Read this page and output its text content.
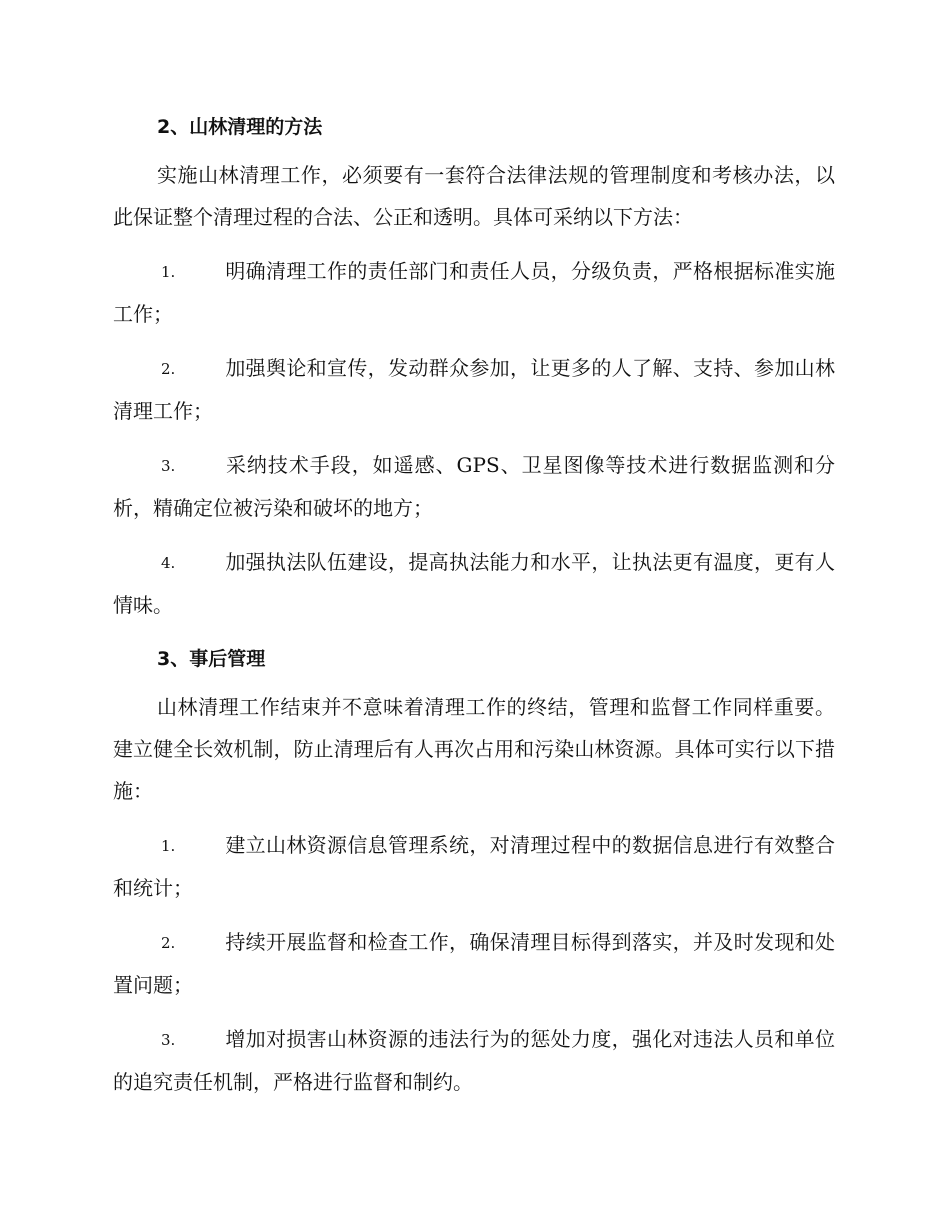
2、山林清理的方法

实施山林清理工作，必须要有一套符合法律法规的管理制度和考核办法，以此保证整个清理过程的合法、公正和透明。具体可采纳以下方法：

1. 明确清理工作的责任部门和责任人员，分级负责，严格根据标准实施工作；

2. 加强舆论和宣传，发动群众参加，让更多的人了解、支持、参加山林清理工作；

3. 采纳技术手段，如遥感、GPS、卫星图像等技术进行数据监测和分析，精确定位被污染和破坏的地方；

4. 加强执法队伍建设，提高执法能力和水平，让执法更有温度，更有人情味。

3、事后管理

山林清理工作结束并不意味着清理工作的终结，管理和监督工作同样重要。建立健全长效机制，防止清理后有人再次占用和污染山林资源。具体可实行以下措施：

1. 建立山林资源信息管理系统，对清理过程中的数据信息进行有效整合和统计；

2. 持续开展监督和检查工作，确保清理目标得到落实，并及时发现和处置问题；

3. 增加对损害山林资源的违法行为的惩处力度，强化对违法人员和单位的追究责任机制，严格进行监督和制约。
